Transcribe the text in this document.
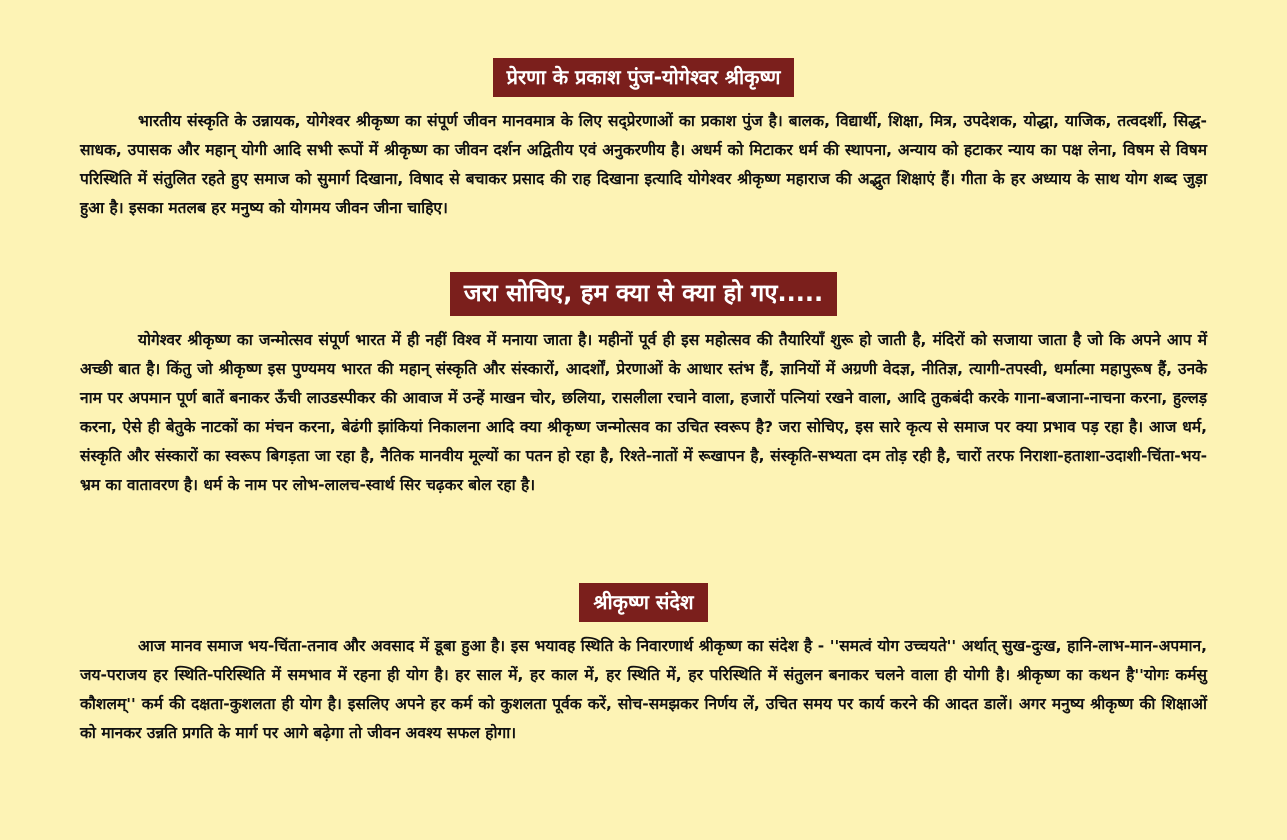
प्रेरणा के प्रकाश पुंज-योगेश्वर श्रीकृष्ण

भारतीय संस्कृति के उन्नायक, योगेश्वर श्रीकृष्ण का संपूर्ण जीवन मानवमात्र के लिए सद्प्रेरणाओं का प्रकाश पुंज है। बालक, विद्यार्थी, शिक्षा, मित्र, उपदेशक, योद्धा, याजिक, तत्वदर्शी, सिद्ध-साधक, उपासक और महान् योगी आदि सभी रूपों में श्रीकृष्ण का जीवन दर्शन अद्वितीय एवं अनुकरणीय है। अधर्म को मिटाकर धर्म की स्थापना, अन्याय को हटाकर न्याय का पक्ष लेना, विषम से विषम परिस्थिति में संतुलित रहते हुए समाज को सुमार्ग दिखाना, विषाद से बचाकर प्रसाद की राह दिखाना इत्यादि योगेश्वर श्रीकृष्ण महाराज की अद्भुत शिक्षाएं हैं। गीता के हर अध्याय के साथ योग शब्द जुड़ा हुआ है। इसका मतलब हर मनुष्य को योगमय जीवन जीना चाहिए।

जरा सोचिए, हम क्या से क्या हो गए.....

योगेश्वर श्रीकृष्ण का जन्मोत्सव संपूर्ण भारत में ही नहीं विश्व में मनाया जाता है। महीनों पूर्व ही इस महोत्सव की तैयारियाँ शुरू हो जाती है, मंदिरों को सजाया जाता है जो कि अपने आप में अच्छी बात है। किंतु जो श्रीकृष्ण इस पुण्यमय भारत की महान् संस्कृति और संस्कारों, आदर्शों, प्रेरणाओं के आधार स्तंभ हैं, ज्ञानियों में अग्रणी वेदज्ञ, नीतिज्ञ, त्यागी-तपस्वी, धर्मात्मा महापुरूष हैं, उनके नाम पर अपमान पूर्ण बातें बनाकर ऊँची लाउडस्पीकर की आवाज में उन्हें माखन चोर, छलिया, रासलीला रचाने वाला, हजारों पत्नियां रखने वाला, आदि तुकबंदी करके गाना-बजाना-नाचना करना, हुल्लड़ करना, ऐसे ही बेतुके नाटकों का मंचन करना, बेढंगी झांकियां निकालना आदि क्या श्रीकृष्ण जन्मोत्सव का उचित स्वरूप है? जरा सोचिए, इस सारे कृत्य से समाज पर क्या प्रभाव पड़ रहा है। आज धर्म, संस्कृति और संस्कारों का स्वरूप बिगड़ता जा रहा है, नैतिक मानवीय मूल्यों का पतन हो रहा है, रिश्ते-नातों में रूखापन है, संस्कृति-सभ्यता दम तोड़ रही है, चारों तरफ निराशा-हताशा-उदाशी-चिंता-भय-भ्रम का वातावरण है। धर्म के नाम पर लोभ-लालच-स्वार्थ सिर चढ़कर बोल रहा है।

श्रीकृष्ण संदेश

आज मानव समाज भय-चिंता-तनाव और अवसाद में डूबा हुआ है। इस भयावह स्थिति के निवारणार्थ श्रीकृष्ण का संदेश है - ''समत्वं योग उच्चयते'' अर्थात् सुख-दुःख, हानि-लाभ-मान-अपमान, जय-पराजय हर स्थिति-परिस्थिति में समभाव में रहना ही योग है। हर साल में, हर काल में, हर स्थिति में, हर परिस्थिति में संतुलन बनाकर चलने वाला ही योगी है। श्रीकृष्ण का कथन है''योगः कर्मसु कौशलम्'' कर्म की दक्षता-कुशलता ही योग है। इसलिए अपने हर कर्म को कुशलता पूर्वक करें, सोच-समझकर निर्णय लें, उचित समय पर कार्य करने की आदत डालें। अगर मनुष्य श्रीकृष्ण की शिक्षाओं को मानकर उन्नति प्रगति के मार्ग पर आगे बढ़ेगा तो जीवन अवश्य सफल होगा।
